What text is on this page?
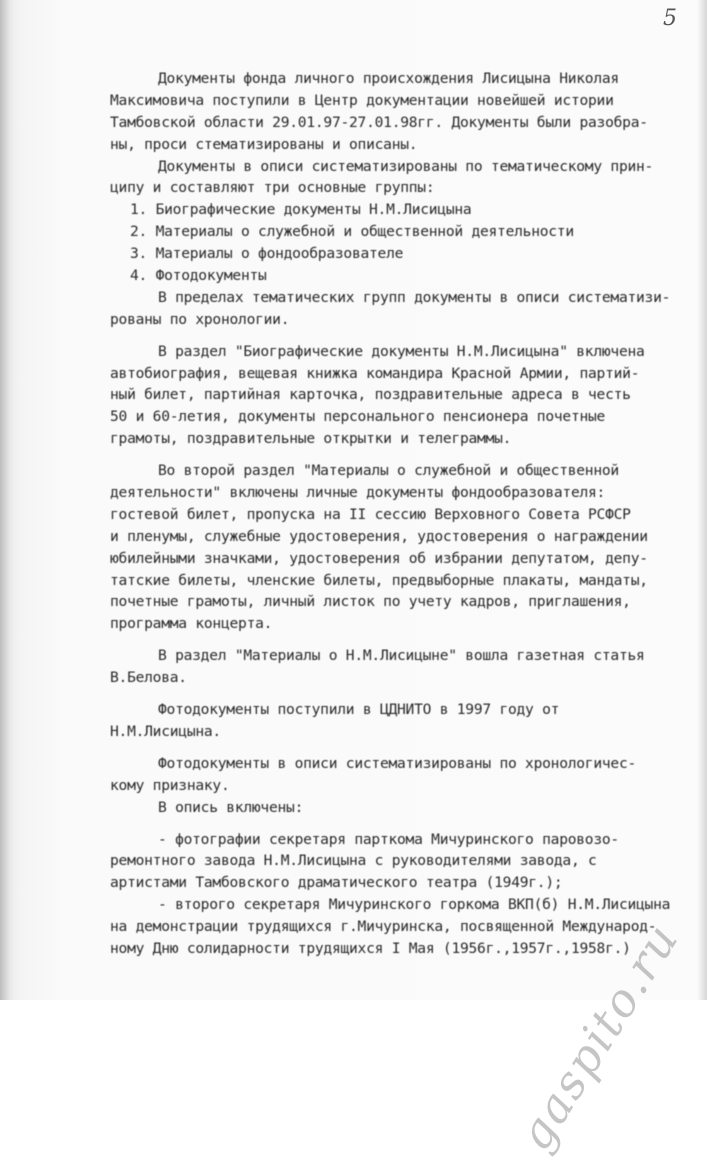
5
Документы фонда личного происхождения Лисицына Николая
Максимовича поступили в Центр документации новейшей истории
Тамбовской области 29.01.97-27.01.98гг. Документы были разобра-
ны, проси стематизированы и описаны.
Документы в описи систематизированы по тематическому прин-
ципу и составляют три основные группы:
1. Биографические документы Н.М.Лисицына
2. Материалы о служебной и общественной деятельности
3. Материалы о фондообразователе
4. Фотодокументы
В пределах тематических групп документы в описи систематизи-
рованы по хронологии.
В раздел "Биографические документы Н.М.Лисицына" включена
автобиография, вещевая книжка командира Красной Армии, партий-
ный билет, партийная карточка, поздравительные адреса в честь
50 и 60-летия, документы персонального пенсионера почетные
грамоты, поздравительные открытки и телеграммы.
Во второй раздел "Материалы о служебной и общественной
деятельности" включены личные документы фондообразователя:
гостевой билет, пропуска на II сессию Верховного Совета РСФСР
и пленумы, служебные удостоверения, удостоверения о награждении
юбилейными значками, удостоверения об избрании депутатом, депу-
татские билеты, членские билеты, предвыборные плакаты, мандаты,
почетные грамоты, личный листок по учету кадров, приглашения,
программа концерта.
В раздел "Материалы о Н.М.Лисицыне" вошла газетная статья
В.Белова.
Фотодокументы поступили в ЦДНИТО в 1997 году от
Н.М.Лисицына.
Фотодокументы в описи систематизированы по хронологичес-
кому признаку.
В опись включены:
- фотографии секретаря парткома Мичуринского паровозо-
ремонтного завода Н.М.Лисицына с руководителями завода, с
артистами Тамбовского драматического театра (1949г.);
- второго секретаря Мичуринского горкома ВКП(б) Н.М.Лисицына
на демонстрации трудящихся г.Мичуринска, посвященной Международ-
ному Дню солидарности трудящихся I Мая (1956г.,1957г.,1958г.)
gaspito.ru
